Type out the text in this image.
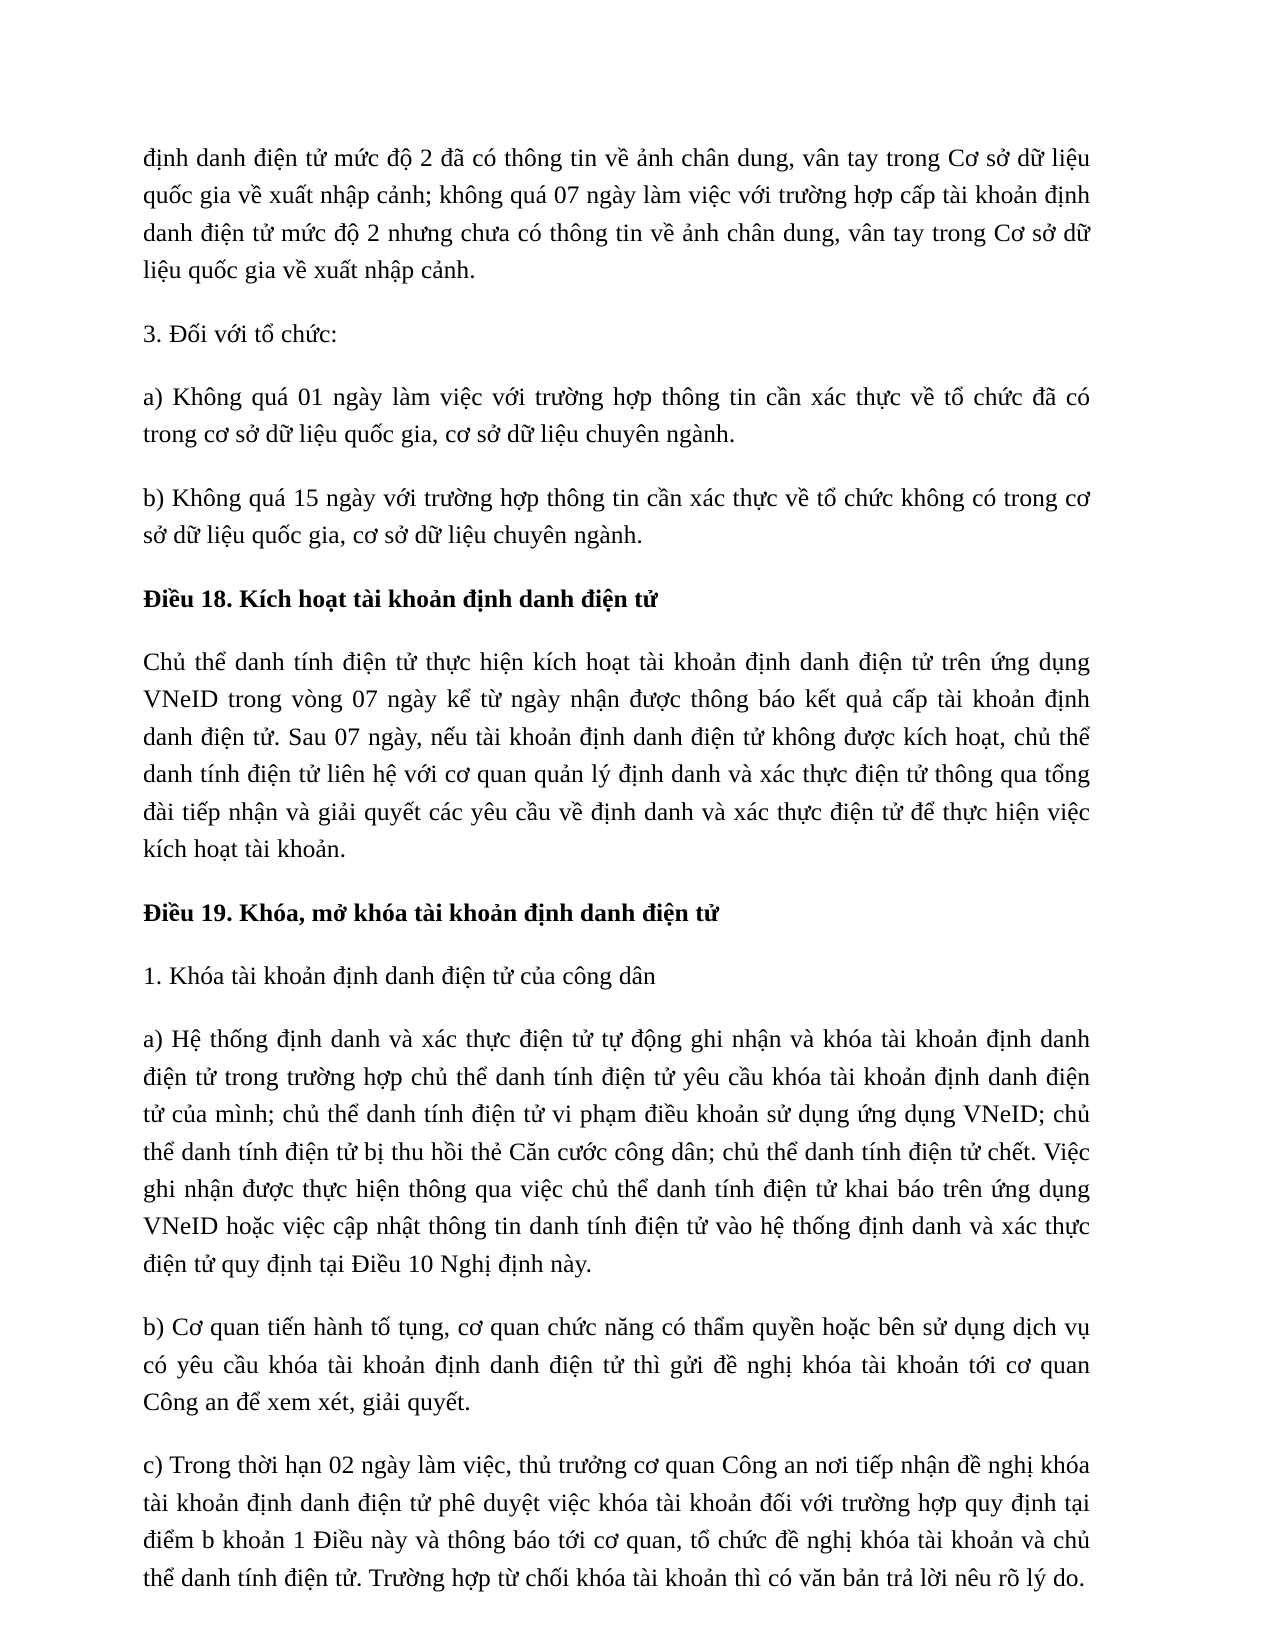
định danh điện tử mức độ 2 đã có thông tin về ảnh chân dung, vân tay trong Cơ sở dữ liệu quốc gia về xuất nhập cảnh; không quá 07 ngày làm việc với trường hợp cấp tài khoản định danh điện tử mức độ 2 nhưng chưa có thông tin về ảnh chân dung, vân tay trong Cơ sở dữ liệu quốc gia về xuất nhập cảnh.

3. Đối với tổ chức:

a) Không quá 01 ngày làm việc với trường hợp thông tin cần xác thực về tổ chức đã có trong cơ sở dữ liệu quốc gia, cơ sở dữ liệu chuyên ngành.

b) Không quá 15 ngày với trường hợp thông tin cần xác thực về tổ chức không có trong cơ sở dữ liệu quốc gia, cơ sở dữ liệu chuyên ngành.

Điều 18. Kích hoạt tài khoản định danh điện tử

Chủ thể danh tính điện tử thực hiện kích hoạt tài khoản định danh điện tử trên ứng dụng VNeID trong vòng 07 ngày kể từ ngày nhận được thông báo kết quả cấp tài khoản định danh điện tử. Sau 07 ngày, nếu tài khoản định danh điện tử không được kích hoạt, chủ thể danh tính điện tử liên hệ với cơ quan quản lý định danh và xác thực điện tử thông qua tổng đài tiếp nhận và giải quyết các yêu cầu về định danh và xác thực điện tử để thực hiện việc kích hoạt tài khoản.

Điều 19. Khóa, mở khóa tài khoản định danh điện tử

1. Khóa tài khoản định danh điện tử của công dân

a) Hệ thống định danh và xác thực điện tử tự động ghi nhận và khóa tài khoản định danh điện tử trong trường hợp chủ thể danh tính điện tử yêu cầu khóa tài khoản định danh điện tử của mình; chủ thể danh tính điện tử vi phạm điều khoản sử dụng ứng dụng VNeID; chủ thể danh tính điện tử bị thu hồi thẻ Căn cước công dân; chủ thể danh tính điện tử chết. Việc ghi nhận được thực hiện thông qua việc chủ thể danh tính điện tử khai báo trên ứng dụng VNeID hoặc việc cập nhật thông tin danh tính điện tử vào hệ thống định danh và xác thực điện tử quy định tại Điều 10 Nghị định này.

b) Cơ quan tiến hành tố tụng, cơ quan chức năng có thẩm quyền hoặc bên sử dụng dịch vụ có yêu cầu khóa tài khoản định danh điện tử thì gửi đề nghị khóa tài khoản tới cơ quan Công an để xem xét, giải quyết.

c) Trong thời hạn 02 ngày làm việc, thủ trưởng cơ quan Công an nơi tiếp nhận đề nghị khóa tài khoản định danh điện tử phê duyệt việc khóa tài khoản đối với trường hợp quy định tại điểm b khoản 1 Điều này và thông báo tới cơ quan, tổ chức đề nghị khóa tài khoản và chủ thể danh tính điện tử. Trường hợp từ chối khóa tài khoản thì có văn bản trả lời nêu rõ lý do.
